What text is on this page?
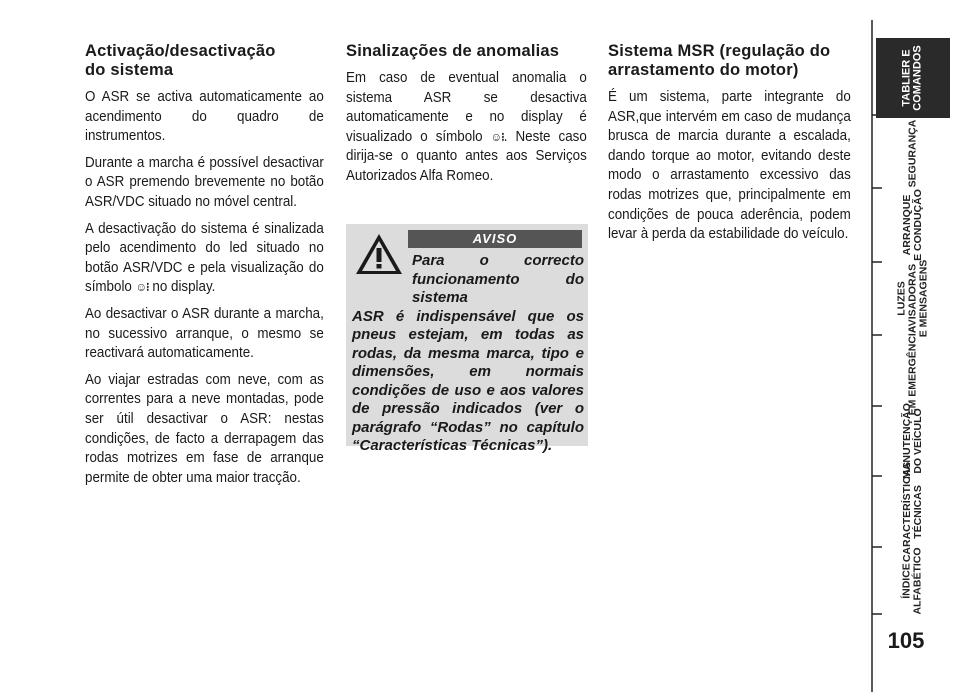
Activação/desactivação
do sistema

O ASR se activa automaticamente ao acendimento do quadro de instrumentos.

Durante a marcha é possível desactivar o ASR premendo brevemente no botão ASR/VDC situado no móvel central.

A desactivação do sistema é sinalizada pelo acendimento do led situado no botão ASR/VDC e pela visualização do símbolo ☺⁝ no display.

Ao desactivar o ASR durante a marcha, no sucessivo arranque, o mesmo se reactivará automaticamente.

Ao viajar estradas com neve, com as correntes para a neve montadas, pode ser útil desactivar o ASR: nestas condições, de facto a derrapagem das rodas motrizes em fase de arranque permite de obter uma maior tracção.

Sinalizações de anomalias

Em caso de eventual anomalia o sistema ASR se desactiva automaticamente e no display é visualizado o símbolo ☺⁝. Neste caso dirija-se o quanto antes aos Serviços Autorizados Alfa Romeo.

AVISO
Para o correcto funcionamento do sistema
ASR é indispensável que os pneus estejam, em todas as rodas, da mesma marca, tipo e dimensões, em normais condições de uso e aos valores de pressão indicados (ver o parágrafo “Rodas” no capítulo “Características Técnicas”).
Sistema MSR (regulação do
arrastamento do motor)

É um sistema, parte integrante do ASR,que intervém em caso de mudança brusca de marcia durante a escalada, dando torque ao motor, evitando deste modo o arrastamento excessivo das rodas motrizes que, principalmente em condições de pouca aderência, podem levar à perda da estabilidade do veículo.

TABLIER E
COMANDOS
SEGURANÇA
ARRANQUE
E CONDUÇÃO
LUZES
AVISADORAS
E MENSAGENS
EM EMERGÊNCIA
MANUTENÇÃO
DO VEÍCULO
CARACTERÍSTICAS
TÉCNICAS
ÍNDICE
ALFABÉTICO
105
